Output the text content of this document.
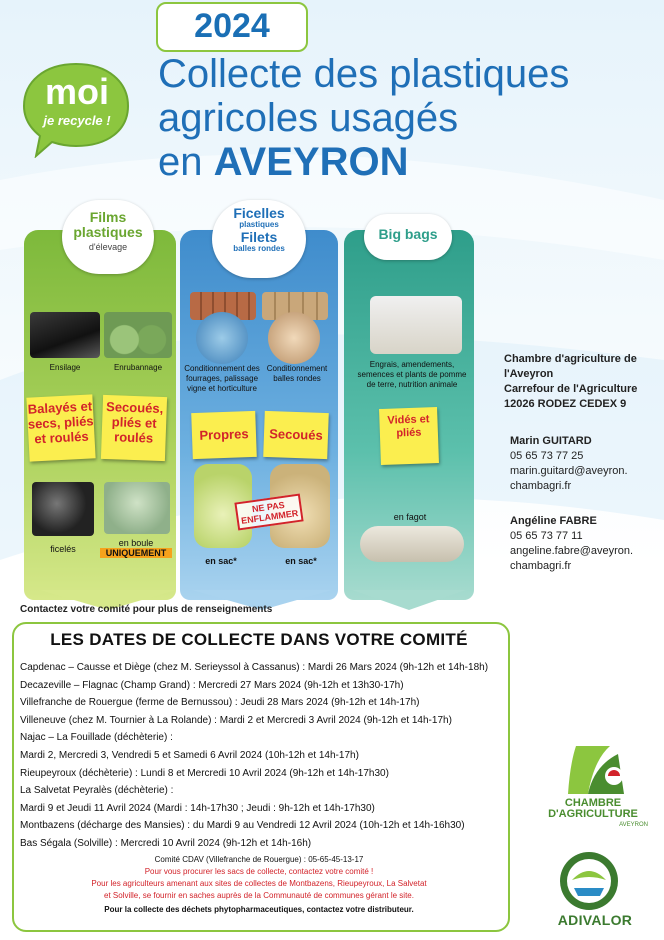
2024
Collecte des plastiques
agricoles usagés
en AVEYRON
moi
je recycle !
Films
plastiques
d'élevage
Ensilage	Enrubannage
Balayés et secs, pliés et roulés
Secoués, pliés et roulés
ficelés
en boule
UNIQUEMENT
Ficelles
plastiques
Filets
balles rondes
Conditionnement des fourrages, palissage vigne et horticulture
Conditionnement balles rondes
Propres	Secoués
NE PAS ENFLAMMER
en sac*	en sac*
Big bags
Engrais, amendements, semences et plants de pomme de terre, nutrition animale
Vidés et pliés
en fagot
Chambre d'agriculture de
l'Aveyron
Carrefour de l'Agriculture
12026 RODEZ CEDEX 9
Marin GUITARD
05 65 73 77 25
marin.guitard@aveyron.
chambagri.fr
Angéline FABRE
05 65 73 77 11
angeline.fabre@aveyron.
chambagri.fr
Contactez votre comité pour plus de renseignements
LES DATES DE COLLECTE DANS VOTRE COMITÉ
Capdenac – Causse et Diège (chez M. Serieyssol à Cassanus) : Mardi 26 Mars 2024 (9h-12h et 14h-18h)
Decazeville – Flagnac (Champ Grand) : Mercredi 27 Mars 2024 (9h-12h et 13h30-17h)
Villefranche de Rouergue (ferme de Bernussou) : Jeudi 28 Mars 2024 (9h-12h et 14h-17h)
Villeneuve (chez M. Tournier à La Rolande) : Mardi 2 et Mercredi 3 Avril 2024 (9h-12h et 14h-17h)
Najac – La Fouillade (déchèterie) :
Mardi 2, Mercredi 3, Vendredi 5 et Samedi 6 Avril 2024 (10h-12h et 14h-17h)
Rieupeyroux (déchèterie) : Lundi 8 et Mercredi 10 Avril 2024 (9h-12h et 14h-17h30)
La Salvetat Peyralès (déchèterie) :
Mardi 9 et Jeudi 11 Avril 2024 (Mardi : 14h-17h30 ; Jeudi : 9h-12h et 14h-17h30)
Montbazens (décharge des Mansies) : du Mardi 9 au Vendredi 12 Avril 2024 (10h-12h et 14h-16h30)
Bas Ségala (Solville) : Mercredi 10 Avril 2024 (9h-12h et 14h-16h)
Comité CDAV (Villefranche de Rouergue) : 05-65-45-13-17
Pour vous procurer les sacs de collecte, contactez votre comité !
Pour les agriculteurs amenant aux sites de collectes de Montbazens, Rieupeyroux, La Salvetat
et Solville, se fournir en saches auprès de la Communauté de communes gérant le site.
Pour la collecte des déchets phytopharmaceutiques, contactez votre distributeur.
CHAMBRE
D'AGRICULTURE
AVEYRON
ADIVALOR
